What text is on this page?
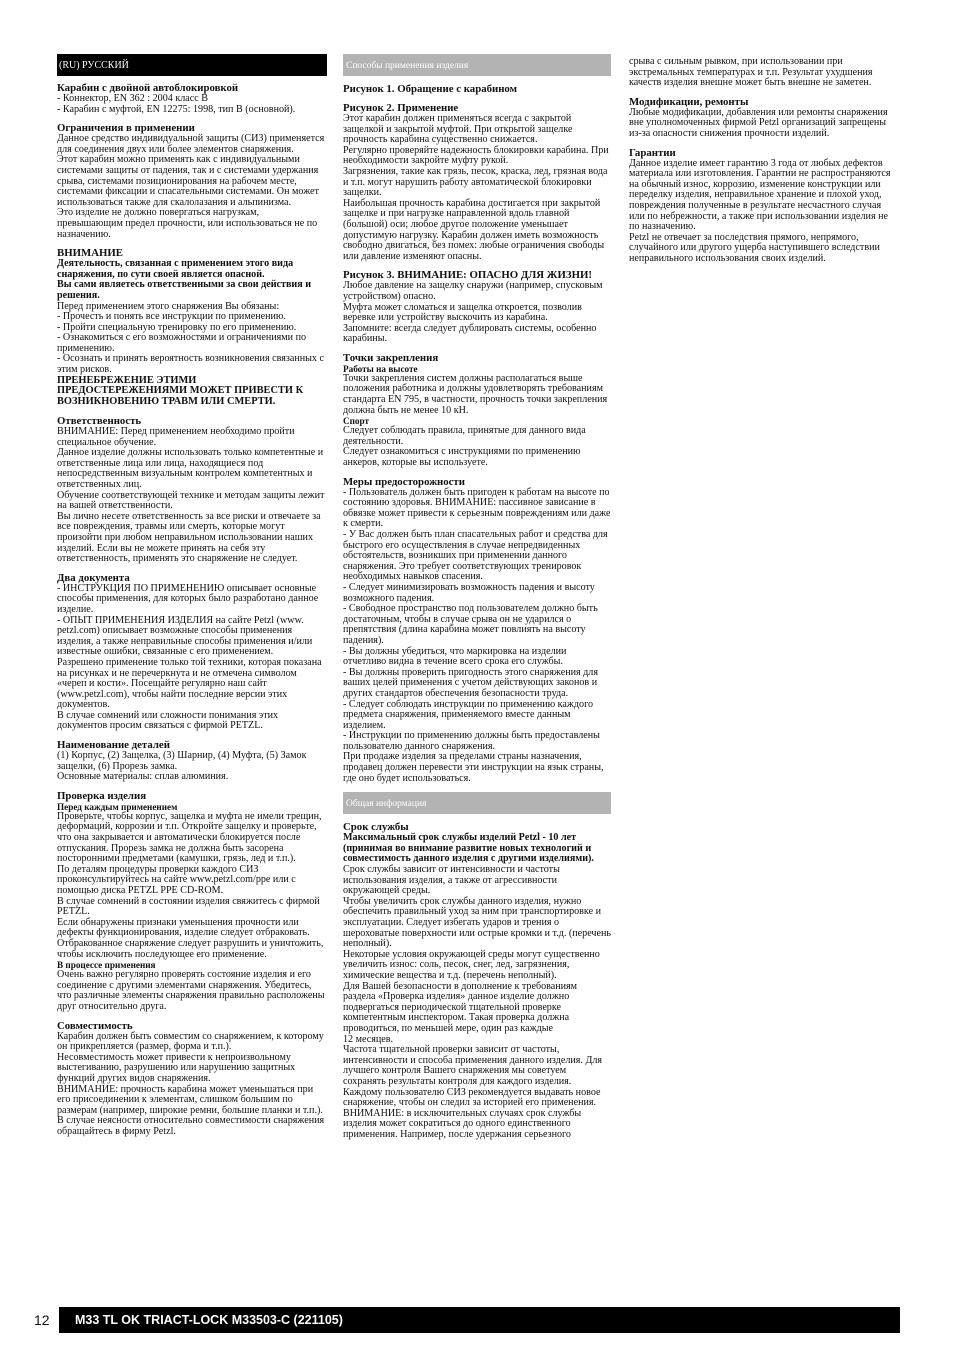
(RU) РУССКИЙ
Карабин с двойной автоблокировкой
- Коннектор, EN 362 : 2004 класс В
- Карабин с муфтой, EN 12275: 1998, тип В (основной).
Ограничения в применении
Данное средство индивидуальной защиты (СИЗ) применяется для соединения двух или более элементов снаряжения.
Этот карабин можно применять как с индивидуальными системами защиты от падения, так и с системами удержания срыва, системами позиционирования на рабочем месте, системами фиксации и спасательными системами. Он может использоваться также для скалолазания и альпинизма.
Это изделие не должно повергаться нагрузкам, превышающим предел прочности, или использоваться не по назначению.
ВНИМАНИЕ
Деятельность, связанная с применением этого вида снаряжения, по сути своей является опасной.
Вы сами являетесь ответственными за свои действия и решения.
Перед применением этого снаряжения Вы обязаны:
- Прочесть и понять все инструкции по применению.
- Пройти специальную тренировку по его применению.
- Ознакомиться с его возможностями и ограничениями по применению.
- Осознать и принять вероятность возникновения связанных с этим рисков.
ПРЕНЕБРЕЖЕНИЕ ЭТИМИ ПРЕДОСТЕРЕЖЕНИЯМИ МОЖЕТ ПРИВЕСТИ К ВОЗНИКНОВЕНИЮ ТРАВМ ИЛИ СМЕРТИ.
Ответственность
ВНИМАНИЕ: Перед применением необходимо пройти специальное обучение.
Данное изделие должны использовать только компетентные и ответственные лица или лица, находящиеся под непосредственным визуальным контролем компетентных и ответственных лиц.
Обучение соответствующей технике и методам защиты лежит на вашей ответственности.
Вы лично несете ответственность за все риски и отвечаете за все повреждения, травмы или смерть, которые могут произойти при любом неправильном использовании наших изделий. Если вы не можете принять на себя эту ответственность, применять это снаряжение не следует.
Два документа
- ИНСТРУКЦИЯ ПО ПРИМЕНЕНИЮ описывает основные способы применения, для которых было разработано данное изделие.
- ОПЫТ ПРИМЕНЕНИЯ ИЗДЕЛИЯ на сайте Petzl (www. petzl.com) описывает возможные способы применения изделия, а также неправильные способы применения и/или известные ошибки, связанные с его применением.
Разрешено применение только той техники, которая показана на рисунках и не перечеркнута и не отмечена символом «череп и кости». Посещайте регулярно наш сайт (www.petzl.com), чтобы найти последние версии этих документов.
В случае сомнений или сложности понимания этих документов просим связаться с фирмой PETZL.
Наименование деталей
(1) Корпус, (2) Защелка, (3) Шарнир, (4) Муфта, (5) Замок защелки, (6) Прорезь замка.
Основные материалы: сплав алюминия.
Проверка изделия
Перед каждым применением
Проверьте, чтобы корпус, защелка и муфта не имели трещин, деформаций, коррозии и т.п. Откройте защелку и проверьте, что она закрывается и автоматически блокируется после отпускания. Прорезь замка не должна быть засорена посторонними предметами (камушки, грязь, лед и т.п.).
По деталям процедуры проверки каждого СИЗ проконсультируйтесь на сайте www.petzl.com/ppe или с помощью диска PETZL PPE CD-ROM.
В случае сомнений в состоянии изделия свяжитесь с фирмой PETZL.
Если обнаружены признаки уменьшения прочности или дефекты функционирования, изделие следует отбраковать. Отбракованное снаряжение следует разрушить и уничтожить, чтобы исключить последующее его применение.
В процессе применения
Очень важно регулярно проверять состояние изделия и его соединение с другими элементами снаряжения. Убедитесь, что различные элементы снаряжения правильно расположены друг относительно друга.
Совместимость
Карабин должен быть совместим со снаряжением, к которому он прикрепляется (размер, форма и т.п.).
Несовместимость может привести к непроизвольному выстегиванию, разрушению или нарушению защитных функций других видов снаряжения.
ВНИМАНИЕ: прочность карабина может уменьшаться при его присоединении к элементам, слишком большим по размерам (например, широкие ремни, большие планки и т.п.).
В случае неясности относительно совместимости снаряжения обращайтесь в фирму Petzl.
Способы применения изделия
Рисунок 1. Обращение с карабином
Рисунок 2. Применение
Этот карабин должен применяться всегда с закрытой защелкой и закрытой муфтой. При открытой защелке прочность карабина существенно снижается.
Регулярно проверяйте надежность блокировки карабина. При необходимости закройте муфту рукой.
Загрязнения, такие как грязь, песок, краска, лед, грязная вода и т.п. могут нарушить работу автоматической блокировки защелки.
Наибольшая прочность карабина достигается при закрытой защелке и при нагрузке направленной вдоль главной (большой) оси; любое другое положение уменьшает допустимую нагрузку. Карабин должен иметь возможность свободно двигаться, без помех: любые ограничения свободы или давление изменяют опасны.
Рисунок 3. ВНИМАНИЕ: ОПАСНО ДЛЯ ЖИЗНИ!
Любое давление на защелку снаружи (например, спусковым устройством) опасно.
Муфта может сломаться и защелка откроется, позволив веревке или устройству выскочить из карабина.
Запомните: всегда следует дублировать системы, особенно карабины.
Точки закрепления
Работы на высоте
Точки закрепления систем должны располагаться выше положения работника и должны удовлетворять требованиям стандарта EN 795, в частности, прочность точки закрепления должна быть не менее 10 кН.
Спорт
Следует соблюдать правила, принятые для данного вида деятельности.
Следует ознакомиться с инструкциями по применению анкеров, которые вы используете.
Меры предосторожности
- Пользователь должен быть пригоден к работам на высоте по состоянию здоровья. ВНИМАНИЕ: пассивное зависание в обвязке может привести к серьезным повреждениям или даже к смерти.
- У Вас должен быть план спасательных работ и средства для быстрого его осуществления в случае непредвиденных обстоятельств, возникших при применении данного снаряжения. Это требует соответствующих тренировок необходимых навыков спасения.
- Следует минимизировать возможность падения и высоту возможного падения.
- Свободное пространство под пользователем должно быть достаточным, чтобы в случае срыва он не ударился о препятствия (длина карабина может повлиять на высоту падения).
- Вы должны убедиться, что маркировка на изделии отчетливо видна в течение всего срока его службы.
- Вы должны проверить пригодность этого снаряжения для ваших целей применения с учетом действующих законов и других стандартов обеспечения безопасности труда.
- Следует соблюдать инструкции по применению каждого предмета снаряжения, применяемого вместе данным изделием.
- Инструкции по применению должны быть предоставлены пользователю данного снаряжения.
При продаже изделия за пределами страны назначения, продавец должен перевести эти инструкции на язык страны, где оно будет использоваться.
Общая информация
Срок службы
Максимальный срок службы изделий Petzl - 10 лет (принимая во внимание развитие новых технологий и совместимость данного изделия с другими изделиями).
Срок службы зависит от интенсивности и частоты использования изделия, а также от агрессивности окружающей среды.
Чтобы увеличить срок службы данного изделия, нужно обеспечить правильный уход за ним при транспортировке и эксплуатации. Следует избегать ударов и трения о шероховатые поверхности или острые кромки и т.д. (перечень неполный).
Некоторые условия окружающей среды могут существенно увеличить износ: соль, песок, снег, лед, загрязнения, химические вещества и т.д. (перечень неполный).
Для Вашей безопасности в дополнение к требованиям раздела «Проверка изделия» данное изделие должно подвергаться периодической тщательной проверке компетентным инспектором. Такая проверка должна проводиться, по меньшей мере, один раз каждые
12 месяцев.
Частота тщательной проверки зависит от частоты, интенсивности и способа применения данного изделия. Для лучшего контроля Вашего снаряжения мы советуем сохранять результаты контроля для каждого изделия. Каждому пользователю СИЗ рекомендуется выдавать новое снаряжение, чтобы он следил за историей его применения.
ВНИМАНИЕ: в исключительных случаях срок службы изделия может сократиться до одного единственного применения. Например, после удержания серьезного
срыва с сильным рывком, при использовании при экстремальных температурах и т.п. Результат ухудшения качеств изделия внешне может быть внешне не заметен.
Модификации, ремонты
Любые модификации, добавления или ремонты снаряжения вне уполномоченных фирмой Petzl организаций запрещены из-за опасности снижения прочности изделий.
Гарантии
Данное изделие имеет гарантию 3 года от любых дефектов материала или изготовления. Гарантии не распространяются на обычный износ, коррозию, изменение конструкции или переделку изделия, неправильное хранение и плохой уход, повреждения полученные в результате несчастного случая или по небрежности, а также при использовании изделия не по назначению.
Petzl не отвечает за последствия прямого, непрямого, случайного или другого ущерба наступившего вследствии неправильного использования своих изделий.
12	M33 TL OK TRIACT-LOCK M33503-C (221105)
